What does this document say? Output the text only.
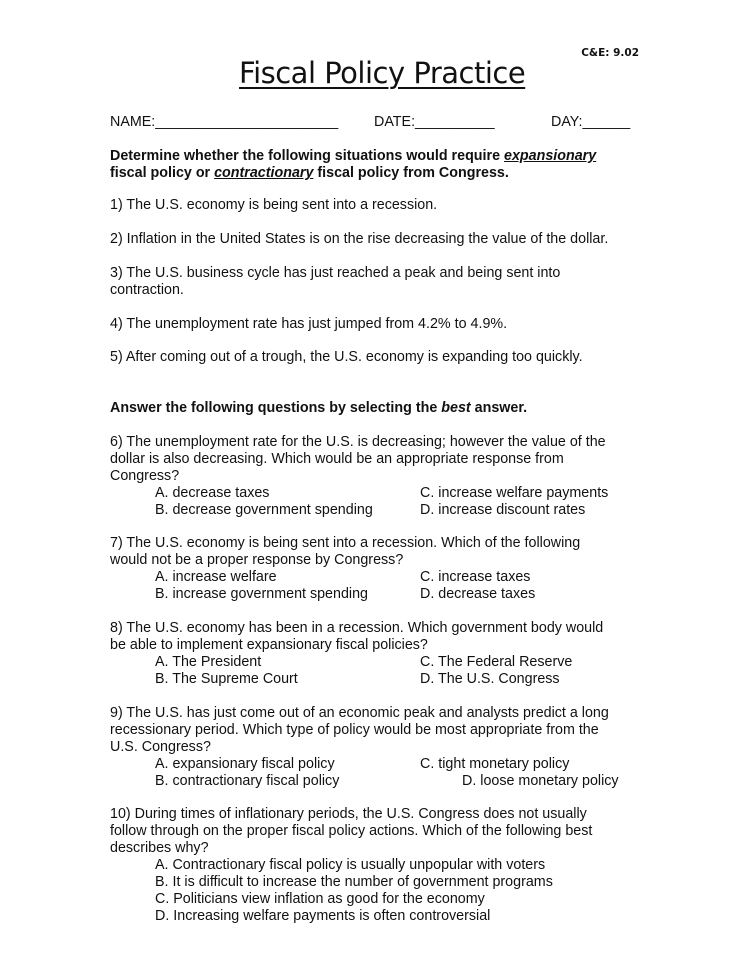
C&E: 9.02
Fiscal Policy Practice
NAME:_______________________	DATE:__________	DAY:______
Determine whether the following situations would require expansionary
fiscal policy or contractionary fiscal policy from Congress.
1) The U.S. economy is being sent into a recession.
2) Inflation in the United States is on the rise decreasing the value of the dollar.
3) The U.S. business cycle has just reached a peak and being sent into
contraction.
4) The unemployment rate has just jumped from 4.2% to 4.9%.
5) After coming out of a trough, the U.S. economy is expanding too quickly.
Answer the following questions by selecting the best answer.
6) The unemployment rate for the U.S. is decreasing; however the value of the
dollar is also decreasing. Which would be an appropriate response from
Congress?
A. decrease taxes
B. decrease government spending
C. increase welfare payments
D. increase discount rates
7) The U.S. economy is being sent into a recession. Which of the following
would not be a proper response by Congress?
A. increase welfare
B. increase government spending
C. increase taxes
D. decrease taxes
8) The U.S. economy has been in a recession. Which government body would
be able to implement expansionary fiscal policies?
A. The President
B. The Supreme Court
C. The Federal Reserve
D. The U.S. Congress
9) The U.S. has just come out of an economic peak and analysts predict a long
recessionary period. Which type of policy would be most appropriate from the
U.S. Congress?
A. expansionary fiscal policy
B. contractionary fiscal policy
C. tight monetary policy
D. loose monetary policy
10) During times of inflationary periods, the U.S. Congress does not usually
follow through on the proper fiscal policy actions. Which of the following best
describes why?
A. Contractionary fiscal policy is usually unpopular with voters
B. It is difficult to increase the number of government programs
C. Politicians view inflation as good for the economy
D. Increasing welfare payments is often controversial
